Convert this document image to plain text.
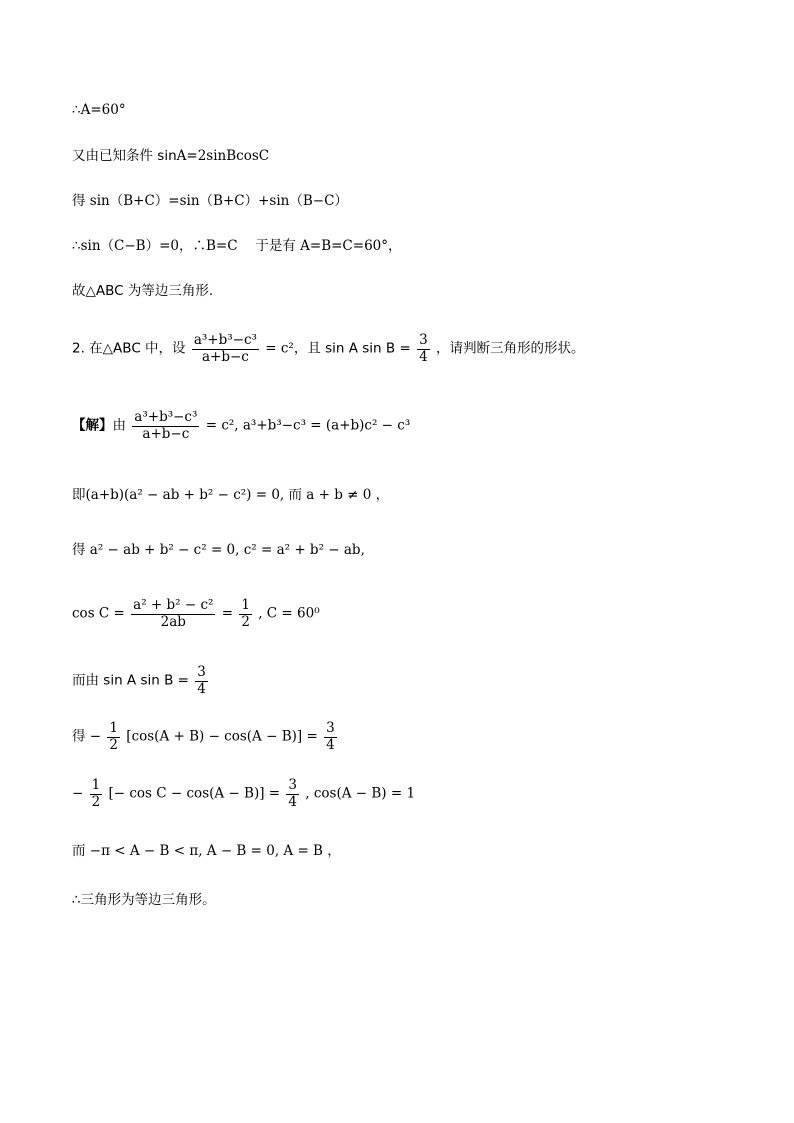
∴A=60°
又由已知条件 sinA=2sinBcosC
得 sin（B+C）=sin（B+C）+sin（B−C）
∴sin（C−B）=0，∴B=C　 于是有 A=B=C=60°，
故△ABC 为等边三角形.
2. 在△ABC 中，设 $\frac{\text{a³+b³−c³}}{a+b-c} = c^2$，且 sin A $\sin B = \frac{3}{4}$ ，请判断三角形的形状。
【解】由 $\frac{\text{a³+b³−c³}}{a+b-c} = c^2$, a³+b³−c³ = (a+b)c² − c³
即(a+b)(a² − ab + b² − c²) = 0, 而 a + b ≠ 0 ，
得 a² − ab + b² − c² = 0, c² = a² + b² − ab,
$\cos C = \frac{\text{a² + b² − c²}}{2ab} = \frac{1}{2}$ , C = 60⁰
而由 sin A $\sin B = \frac{3}{4}$
得 − $\frac{1}{2} [\cos(A + B) - \cos(A - B)] = \frac{3}{4}$
− $\frac{1}{2}$ [− $\cos C - \cos(A - B)] = \frac{3}{4}$ , cos(A − B) = 1
而 −π < A − B < π, A − B = 0, A = B ，
∴三角形为等边三角形。
